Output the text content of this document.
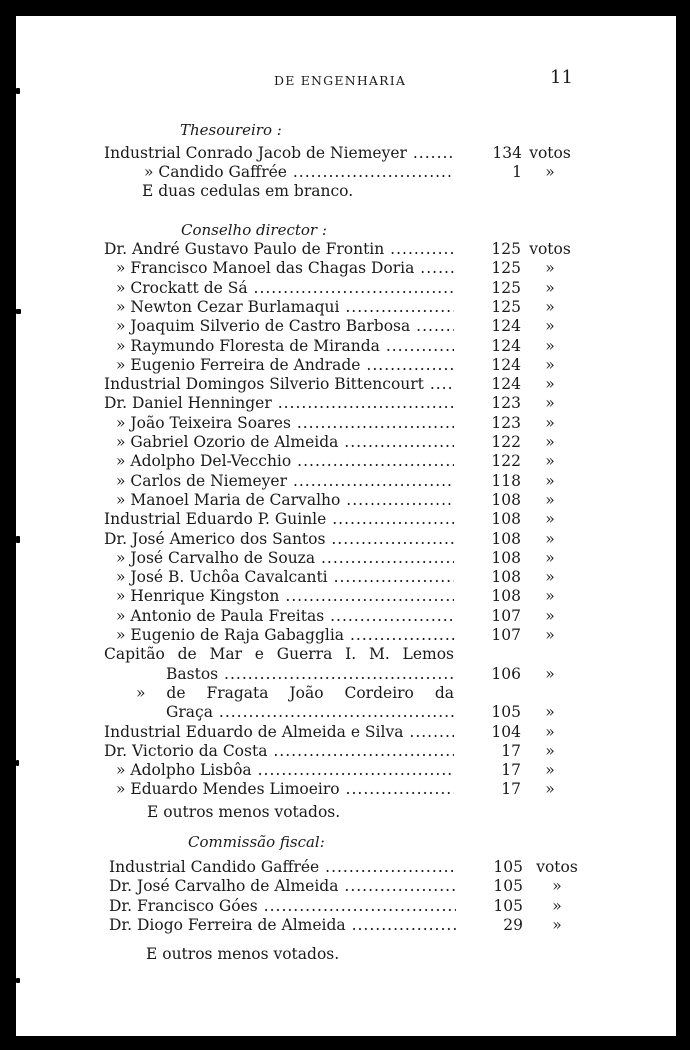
DE ENGENHARIA	11
Thesoureiro :
Industrial Conrado Jacob de Niemeyer .....	134 votos
» Candido Gaffrée .....	1	»
E duas cedulas em branco.
Conselho director :
Dr. André Gustavo Paulo de Frontin .....	125 votos
» Francisco Manoel das Chagas Doria .....	125	»
» Crockatt de Sá .....	125	»
» Newton Cezar Burlamaqui .....	125	»
» Joaquim Silverio de Castro Barbosa .....	124	»
» Raymundo Floresta de Miranda .....	124	»
» Eugenio Ferreira de Andrade .....	124	»
Industrial Domingos Silverio Bittencourt .....	124	»
Dr. Daniel Henninger .....	123	»
» João Teixeira Soares .....	123	»
» Gabriel Ozorio de Almeida .....	122	»
» Adolpho Del-Vecchio .....	122	»
» Carlos de Niemeyer .....	118	»
» Manoel Maria de Carvalho .....	108	»
Industrial Eduardo P. Guinle .....	108	»
Dr. José Americo dos Santos .....	108	»
» José Carvalho de Souza .....	108	»
» José B. Uchôa Cavalcanti .....	108	»
» Henrique Kingston .....	108	»
» Antonio de Paula Freitas .....	107	»
» Eugenio de Raja Gabagglia .....	107	»
Capitão de Mar e Guerra I. M. Lemos
Bastos .....	106	»
» de Fragata João Cordeiro da
Graça .....	105	»
Industrial Eduardo de Almeida e Silva .....	104	»
Dr. Victorio da Costa .....	17	»
» Adolpho Lisbôa .....	17	»
» Eduardo Mendes Limoeiro .....	17	»
E outros menos votados.
Commissão fiscal:
Industrial Candido Gaffrée .....	105 votos
Dr. José Carvalho de Almeida .....	105	»
Dr. Francisco Góes .....	105	»
Dr. Diogo Ferreira de Almeida .....	29	»
E outros menos votados.
